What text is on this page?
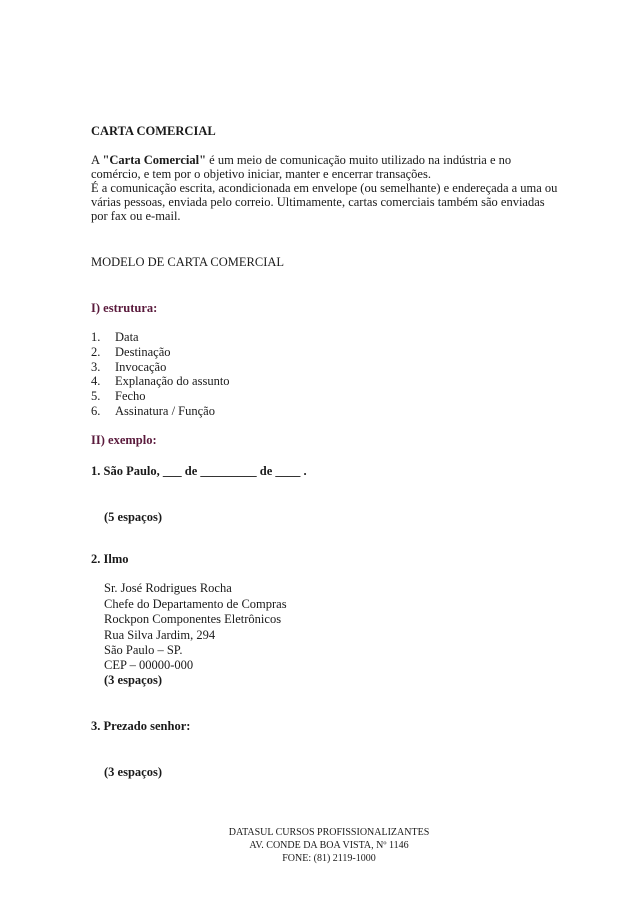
CARTA COMERCIAL
A "Carta Comercial" é um meio de comunicação muito utilizado na indústria e no
comércio, e tem por o objetivo iniciar, manter e encerrar transações.
É a comunicação escrita, acondicionada em envelope (ou semelhante) e endereçada a uma ou
várias pessoas, enviada pelo correio. Ultimamente, cartas comerciais também são enviadas
por fax ou e-mail.
MODELO DE CARTA COMERCIAL
I) estrutura:
1. Data
2. Destinação
3. Invocação
4. Explanação do assunto
5. Fecho
6. Assinatura / Função
II) exemplo:
1. São Paulo, ___ de _________ de ____ .
(5 espaços)
2. Ilmo
Sr. José Rodrigues Rocha
Chefe do Departamento de Compras
Rockpon Componentes Eletrônicos
Rua Silva Jardim, 294
São Paulo – SP.
CEP – 00000-000
(3 espaços)
3. Prezado senhor:
(3 espaços)
DATASUL CURSOS PROFISSIONALIZANTES
AV. CONDE DA BOA VISTA, Nº 1146
FONE: (81) 2119-1000
